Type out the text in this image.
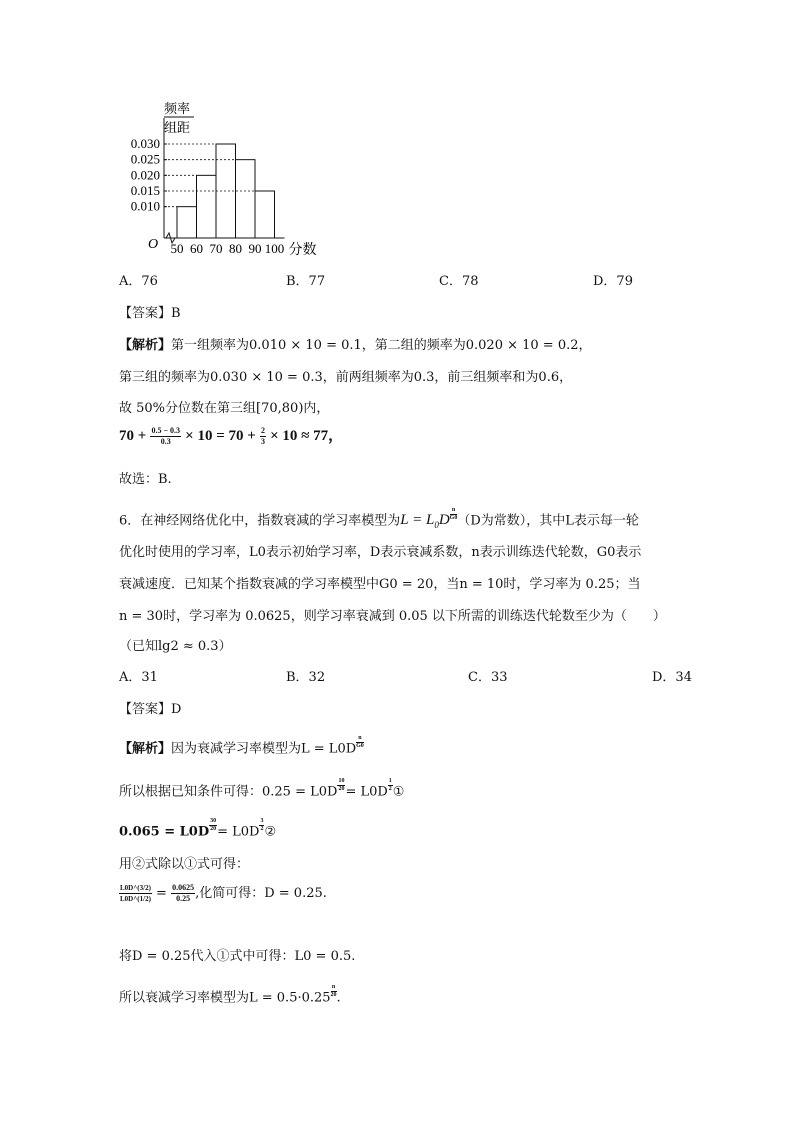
频率
组距
O
0.030
0.025
0.020
0.015
0.010
50 60 70 80 90 100 分数
A．76	B．77	C．78	D．79
【答案】B
【解析】第一组频率为0.010 × 10 = 0.1，第二组的频率为0.020 × 10 = 0.2，
第三组的频率为0.030 × 10 = 0.3，前两组频率为0.3，前三组频率和为0.6，
故 50%分位数在第三组[70,80)内，
$70 + \frac{0.5 - 0.3}{0.3} \times 10 = 70 + \frac{2}{3} \times 10 \approx 77$，
故选：B.
6．在神经网络优化中，指数衰减的学习率模型为$L = L_0D \frac{n}{G0} (D$为常数），其中L表示每一轮
优化时使用的学习率，L0表示初始学习率，D表示衰减系数，n表示训练迭代轮数，G0表示
衰减速度．已知某个指数衰减的学习率模型中G0 = 20，当n = 10时，学习率为 0.25；当
n = 30时，学习率为 0.0625，则学习率衰减到 0.05 以下所需的训练迭代轮数至少为（　　）
（已知lg2 ≈ 0.3）
A．31	B．32	C．33	D．34
【答案】D
【解析】因为衰减学习率模型为$L = L0D \frac{n}{G0}$
所以根据已知条件可得：$0.25 = L0D \frac{10}{20} = L0D \frac{1}{2}$ ①
$0.065 = L0D \frac{30}{20} = L0D \frac{3}{2}$ ②
用②式除以①式可得：
$\frac{L0D\^{}(3/2)}{L0D\^{}(1/2)} = \frac{0.0625}{0.25}$ ,化简可得：D = 0.25.
将D = 0.25代入①式中可得：L0 = 0.5.
所以衰减学习率模型为$L = 0.5\cdot 0.25 \frac{n}{20}$ .
